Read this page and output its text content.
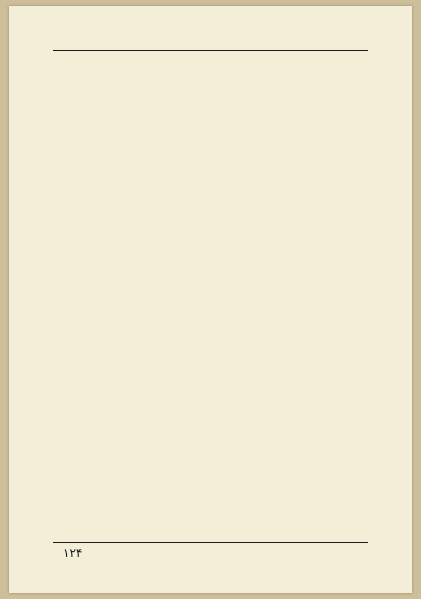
۱۲۴
